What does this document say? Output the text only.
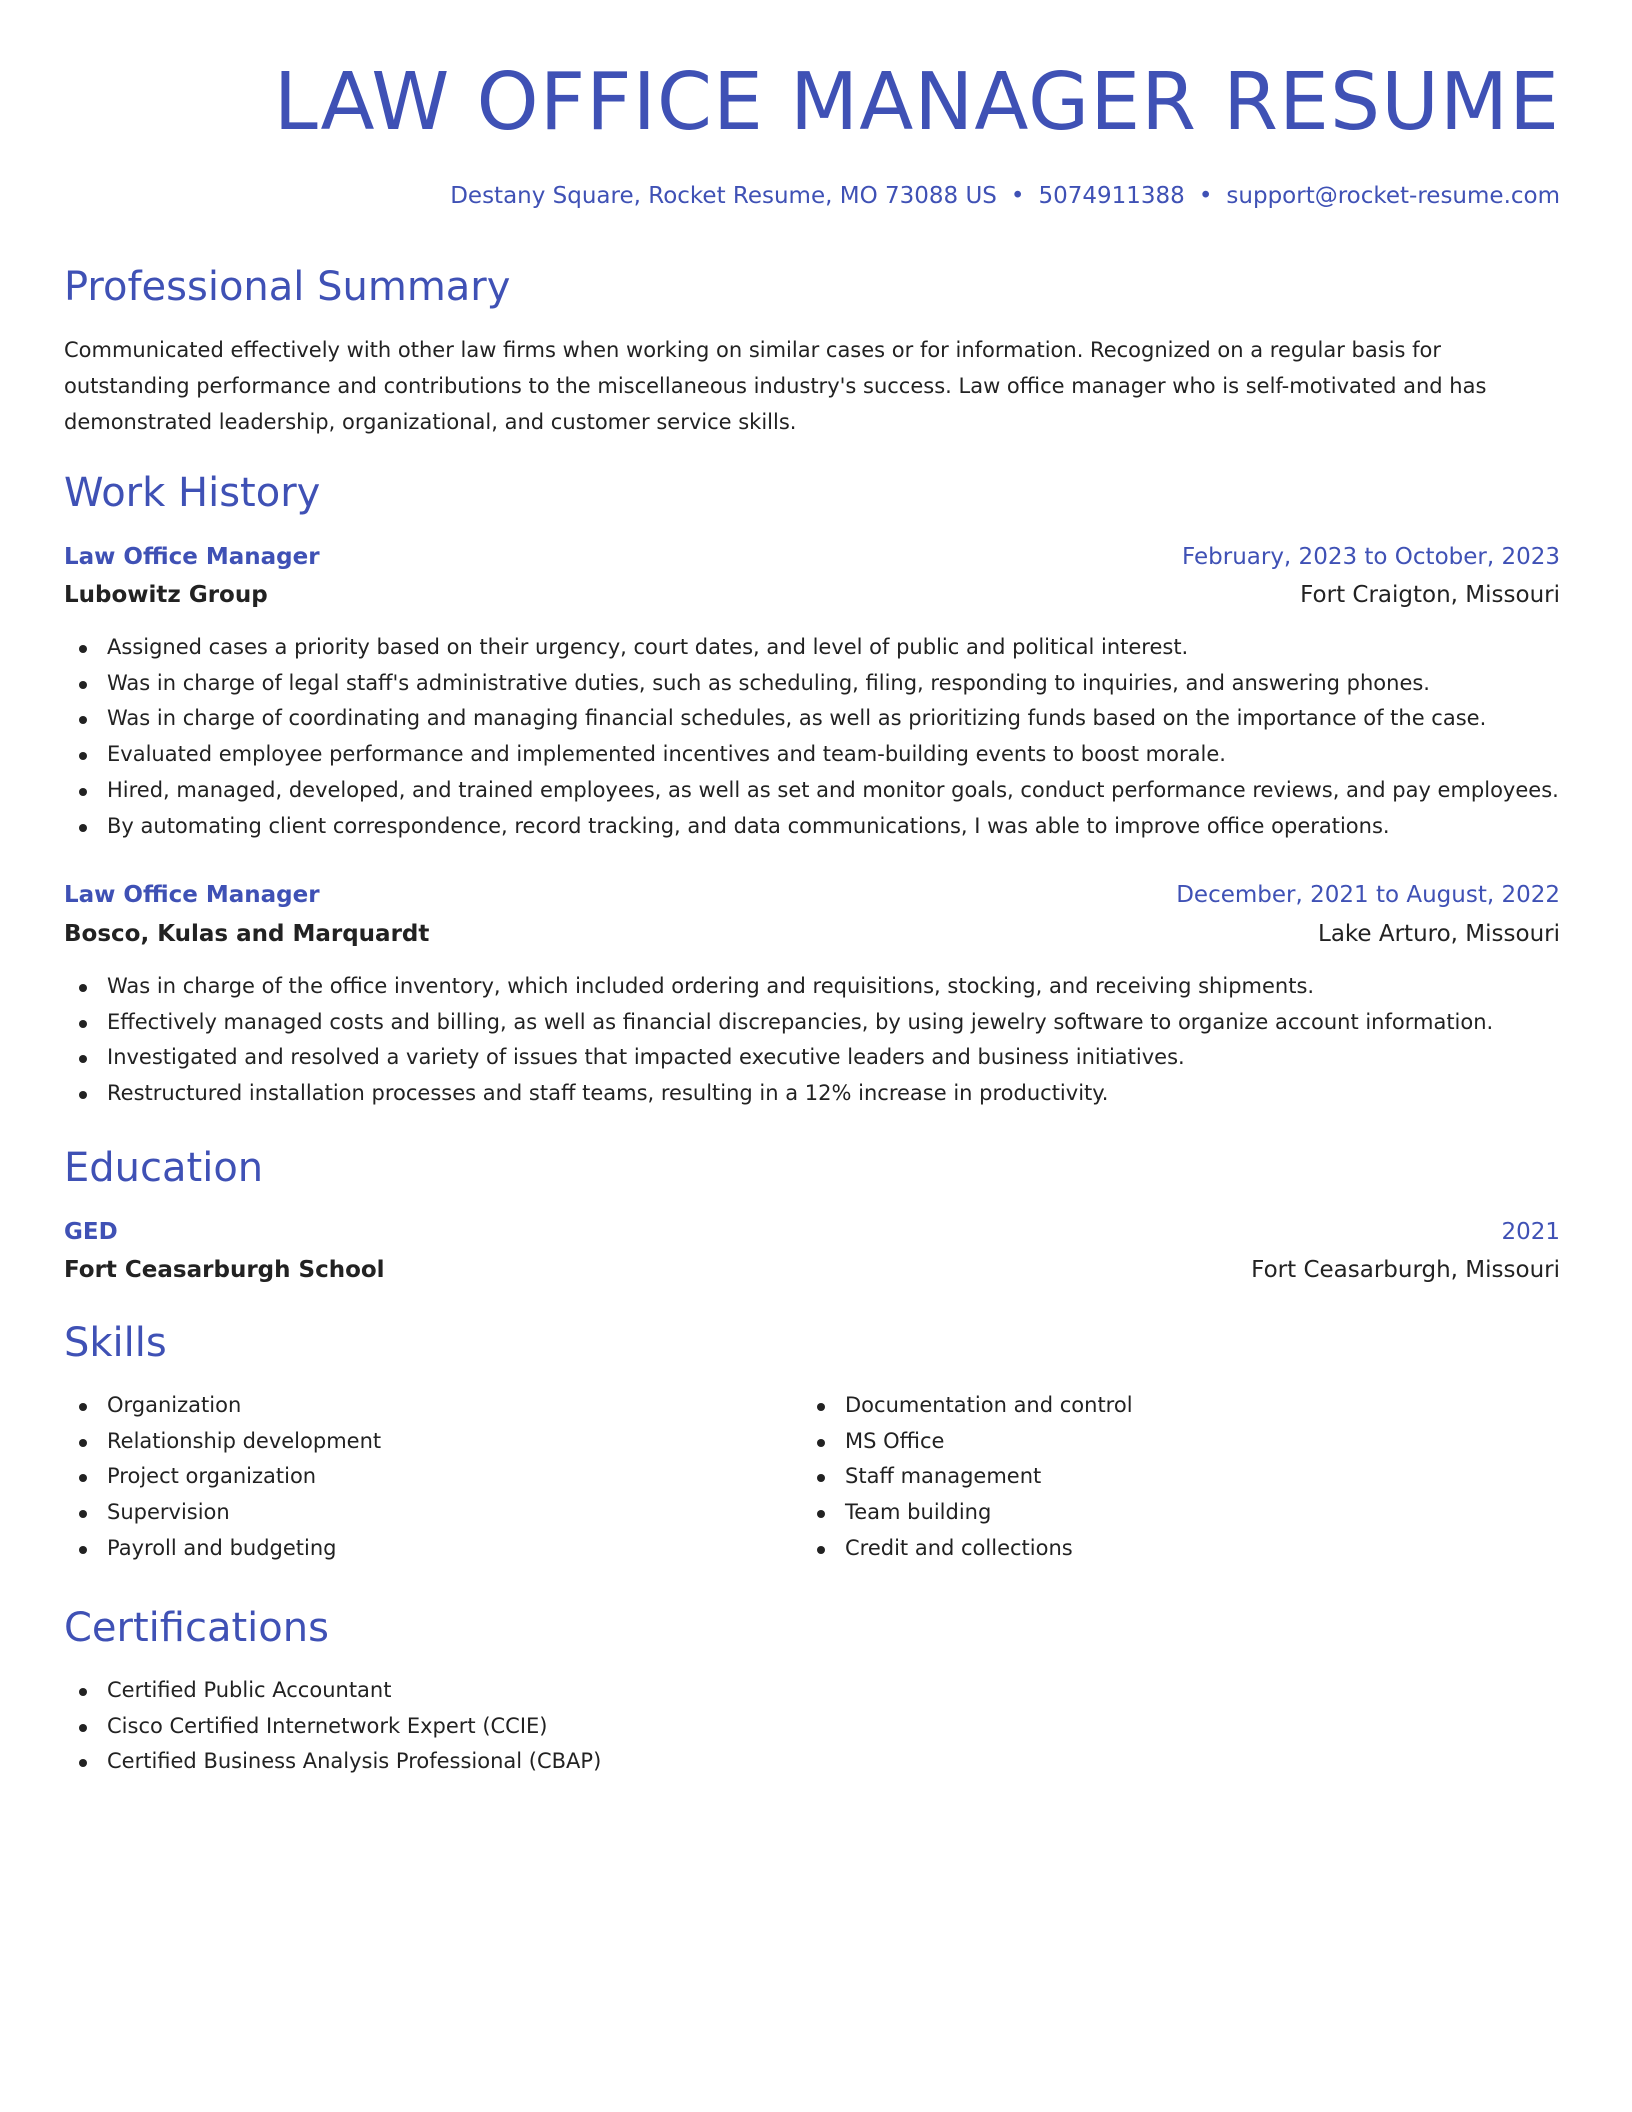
LAW OFFICE MANAGER RESUME
Destany Square, Rocket Resume, MO 73088 US • 5074911388 • support@rocket-resume.com
Professional Summary

Communicated effectively with other law firms when working on similar cases or for information. Recognized on a regular basis for outstanding performance and contributions to the miscellaneous industry's success. Law office manager who is self-motivated and has demonstrated leadership, organizational, and customer service skills.

Work History
Law Office Manager	February, 2023 to October, 2023
Lubowitz Group	Fort Craigton, Missouri
Assigned cases a priority based on their urgency, court dates, and level of public and political interest.
Was in charge of legal staff's administrative duties, such as scheduling, filing, responding to inquiries, and answering phones.
Was in charge of coordinating and managing financial schedules, as well as prioritizing funds based on the importance of the case.
Evaluated employee performance and implemented incentives and team-building events to boost morale.
Hired, managed, developed, and trained employees, as well as set and monitor goals, conduct performance reviews, and pay employees.
By automating client correspondence, record tracking, and data communications, I was able to improve office operations.
Law Office Manager	December, 2021 to August, 2022
Bosco, Kulas and Marquardt	Lake Arturo, Missouri
Was in charge of the office inventory, which included ordering and requisitions, stocking, and receiving shipments.
Effectively managed costs and billing, as well as financial discrepancies, by using jewelry software to organize account information.
Investigated and resolved a variety of issues that impacted executive leaders and business initiatives.
Restructured installation processes and staff teams, resulting in a 12% increase in productivity.
Education
GED	2021
Fort Ceasarburgh School	Fort Ceasarburgh, Missouri
Skills
Organization
Relationship development
Project organization
Supervision
Payroll and budgeting
Documentation and control
MS Office
Staff management
Team building
Credit and collections
Certifications
Certified Public Accountant
Cisco Certified Internetwork Expert (CCIE)
Certified Business Analysis Professional (CBAP)
